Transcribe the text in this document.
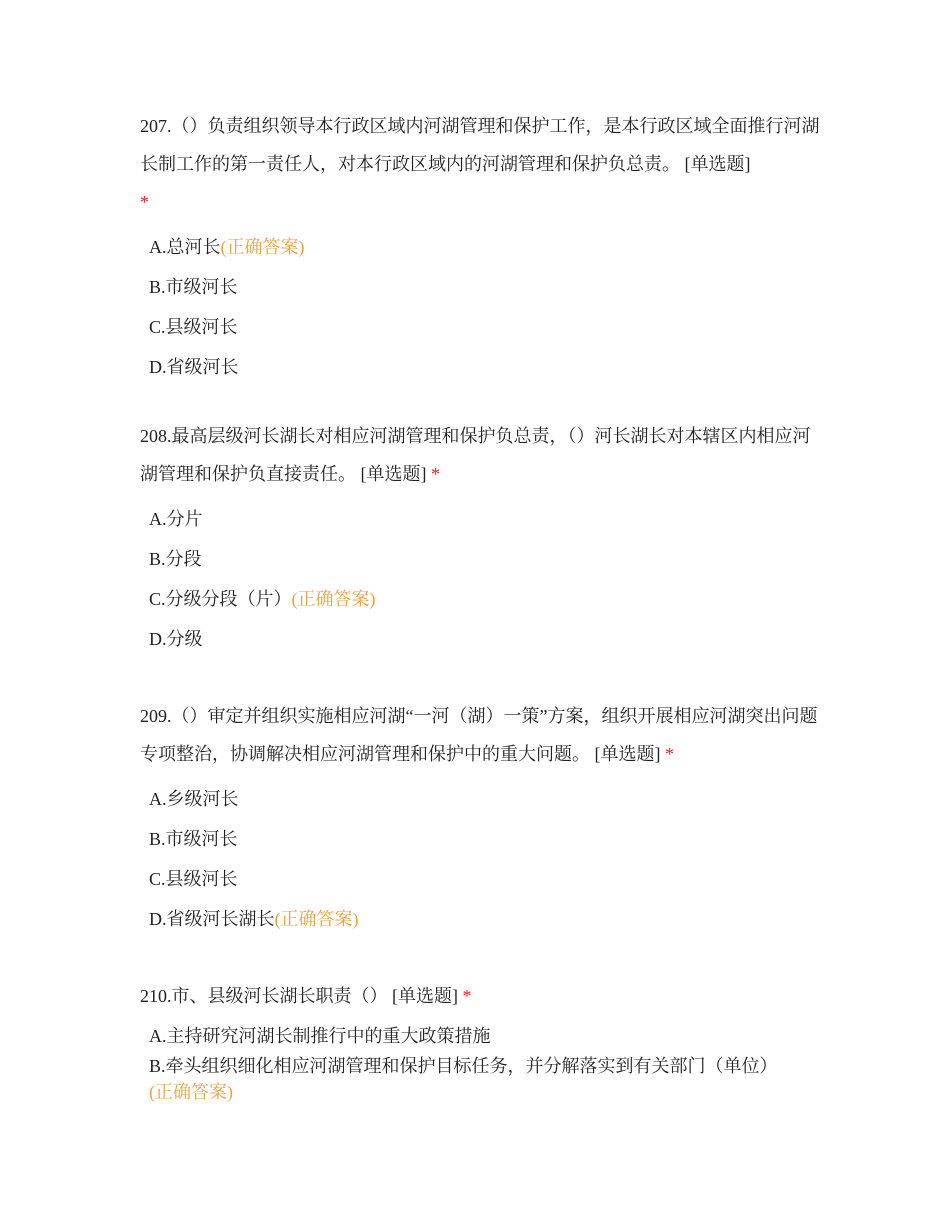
207.（）负责组织领导本行政区域内河湖管理和保护工作，是本行政区域全面推行河湖长制工作的第一责任人，对本行政区域内的河湖管理和保护负总责。 [单选题]
*

A.总河长(正确答案)
B.市级河长
C.县级河长
D.省级河长

208.最高层级河长湖长对相应河湖管理和保护负总责，（）河长湖长对本辖区内相应河湖管理和保护负直接责任。 [单选题] *

A.分片
B.分段
C.分级分段（片）(正确答案)
D.分级

209.（）审定并组织实施相应河湖“一河（湖）一策”方案，组织开展相应河湖突出问题专项整治，协调解决相应河湖管理和保护中的重大问题。 [单选题] *

A.乡级河长
B.市级河长
C.县级河长
D.省级河长湖长(正确答案)

210.市、县级河长湖长职责（） [单选题] *

A.主持研究河湖长制推行中的重大政策措施
B.牵头组织细化相应河湖管理和保护目标任务，并分解落实到有关部门（单位）
(正确答案)
